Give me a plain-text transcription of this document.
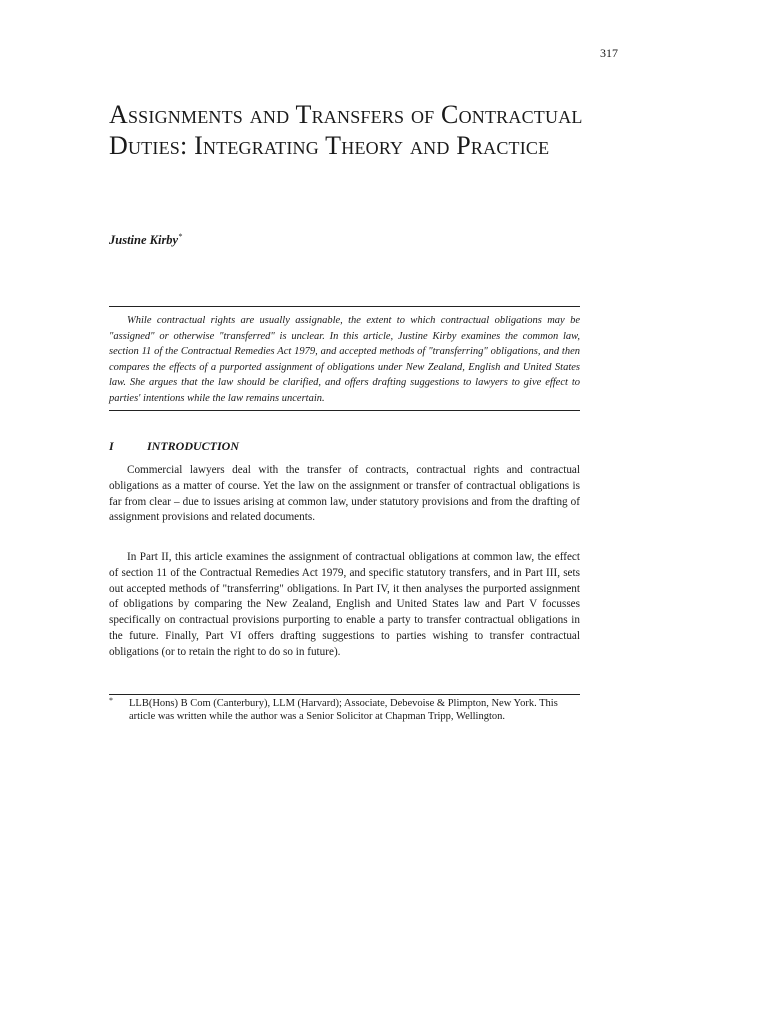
317
Assignments and Transfers of Contractual Duties: Integrating Theory and Practice
Justine Kirby*

While contractual rights are usually assignable, the extent to which contractual obligations may be "assigned" or otherwise "transferred" is unclear. In this article, Justine Kirby examines the common law, section 11 of the Contractual Remedies Act 1979, and accepted methods of "transferring" obligations, and then compares the effects of a purported assignment of obligations under New Zealand, English and United States law. She argues that the law should be clarified, and offers drafting suggestions to lawyers to give effect to parties' intentions while the law remains uncertain.

I	INTRODUCTION

Commercial lawyers deal with the transfer of contracts, contractual rights and contractual obligations as a matter of course. Yet the law on the assignment or transfer of contractual obligations is far from clear – due to issues arising at common law, under statutory provisions and from the drafting of assignment provisions and related documents.

In Part II, this article examines the assignment of contractual obligations at common law, the effect of section 11 of the Contractual Remedies Act 1979, and specific statutory transfers, and in Part III, sets out accepted methods of "transferring" obligations. In Part IV, it then analyses the purported assignment of obligations by comparing the New Zealand, English and United States law and Part V focusses specifically on contractual provisions purporting to enable a party to transfer contractual obligations in the future. Finally, Part VI offers drafting suggestions to parties wishing to transfer contractual obligations (or to retain the right to do so in future).

* LLB(Hons) B Com (Canterbury), LLM (Harvard); Associate, Debevoise & Plimpton, New York. This article was written while the author was a Senior Solicitor at Chapman Tripp, Wellington.
